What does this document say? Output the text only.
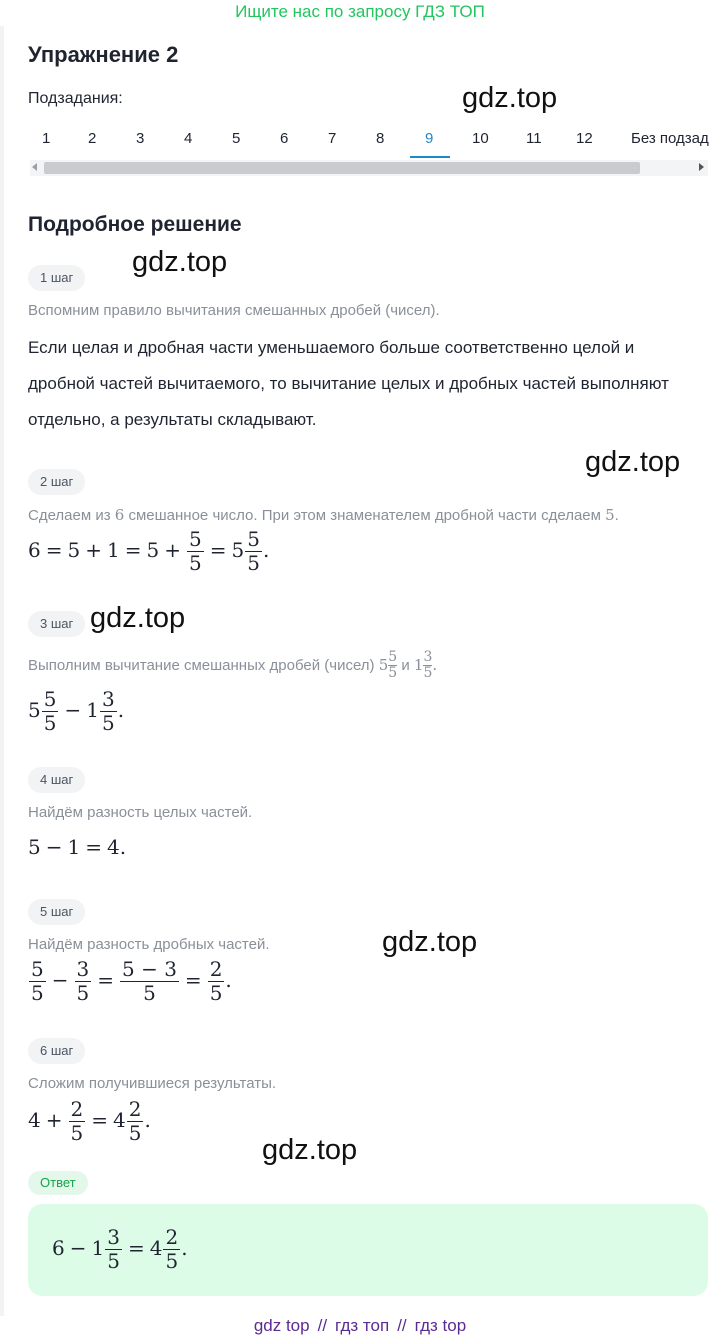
Ищите нас по запросу ГДЗ ТОП
Упражнение 2
Подзадания:	gdz.top
1	2	3	4	5	6	7	8	9	10 11 12	Без подзад
Подробное решение
gdz.top
1 шаг
Вспомним правило вычитания смешанных дробей (чисел).
Если целая и дробная части уменьшаемого больше соответственно целой и дробной частей вычитаемого, то вычитание целых и дробных частей выполняют отдельно, а результаты складывают.
gdz.top
2 шаг
Сделаем из 6 смешанное число. При этом знаменателем дробной части сделаем 5.
$6 = 5 + 1 = 5 + \frac{5}{5} = 5 \frac{5}{5}$ .
gdz.top
3 шаг
Выполним вычитание смешанных дробей (чисел) $5 \frac{5}{5}$ и $1 \frac{3}{5}$ .
$5 \frac{5}{5} - 1 \frac{3}{5}$ .
4 шаг
Найдём разность целых частей.
5 − 1 = 4.
5 шаг
gdz.top
Найдём разность дробных частей.
$\frac{5}{5} - \frac{3}{5} = \frac{5 - 3}{5} = \frac{2}{5}$ .
6 шаг
Сложим получившиеся результаты.
$4 + \frac{2}{5} = 4 \frac{2}{5}$ .
gdz.top
Ответ
$6 - 1 \frac{3}{5} = 4 \frac{2}{5}$ .
gdz top // гдз топ // гдз top
